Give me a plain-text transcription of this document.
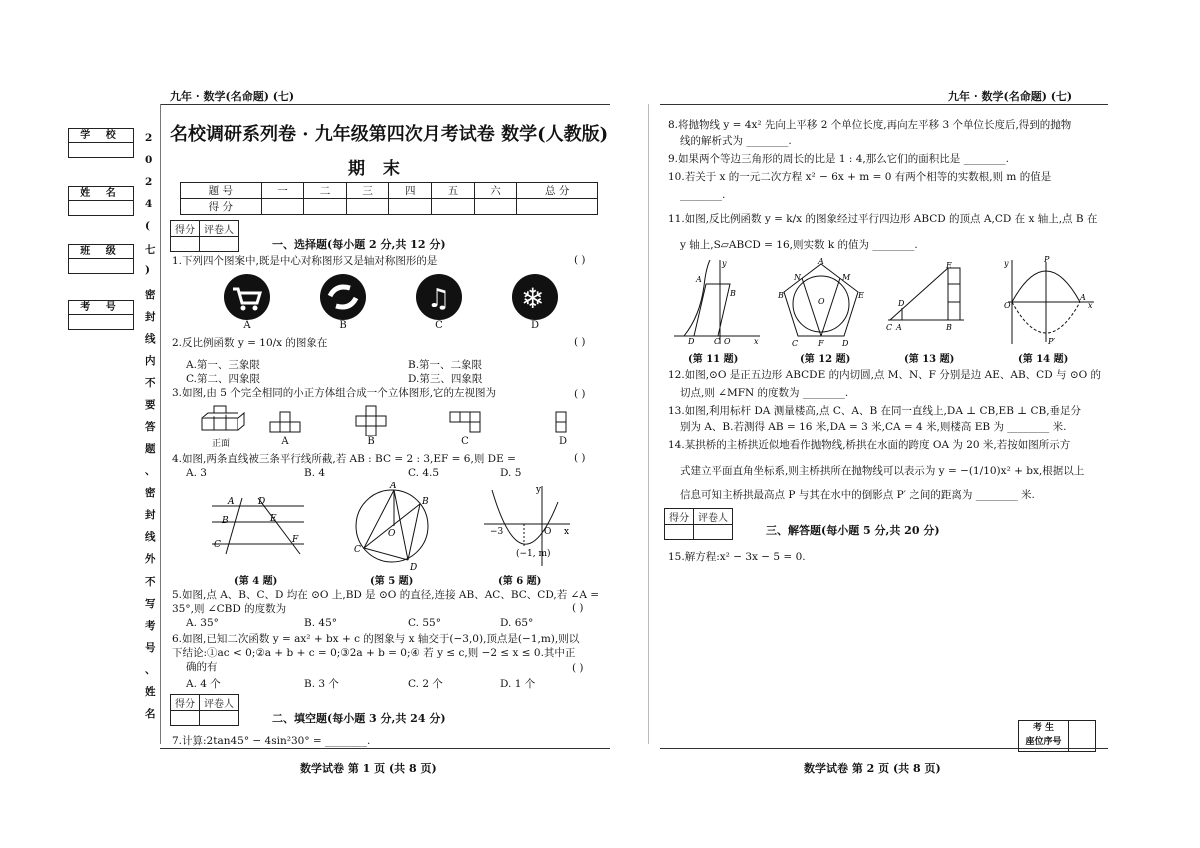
九年 · 数学(名命题) (七)
名校调研系列卷 · 九年级第四次月考试卷 数学(人教版)
期 末
题 号	一	二	三	四	五	六	总 分
得 分							
得分	评卷人

一、选择题(每小题 2 分,共 12 分)
1.下列四个图案中,既是中心对称图形又是轴对称图形的是	( )
♫	❄
A	B	C	D
2.反比例函数 y = 10/x 的图象在	( )
A.第一、三象限	B.第一、二象限
C.第二、四象限	D.第三、四象限
3.如图,由 5 个完全相同的小正方体组合成一个立体图形,它的左视图为	( )
正面	A	B	C	D
4.如图,两条直线被三条平行线所截,若 AB : BC = 2 : 3,EF = 6,则 DE =	( )
A. 3	B. 4	C. 4.5	D. 5
A	D
B	E
C	F
A
B
C
D
O	−3	O
y
x
(−1, m)
(第 4 题)	(第 5 题)	(第 6 题)
5.如图,点 A、B、C、D 均在 ⊙O 上,BD 是 ⊙O 的直径,连接 AB、AC、BC、CD,若 ∠A =
35°,则 ∠CBD 的度数为	( )
A. 35°	B. 45°	C. 55°	D. 65°
6.如图,已知二次函数 y = ax² + bx + c 的图象与 x 轴交于(−3,0),顶点是(−1,m),则以
下结论:①ac < 0;②a + b + c = 0;③2a + b = 0;④ 若 y ≤ c,则 −2 ≤ x ≤ 0.其中正
确的有	( )
A. 4 个	B. 3 个	C. 2 个	D. 1 个
得分	评卷人

二、填空题(每小题 3 分,共 24 分)
7.计算:2tan45° − 4sin²30° = ________.
数学试卷 第 1 页 (共 8 页)
学 校
姓 名
班 级
考 号
2
0
2
4
(
七
)
密
封
线
内
不
要
答
题
、
密
封
线
外
不
写
考
号
、
姓
名
九年 · 数学(名命题) (七)
8.将抛物线 y = 4x² 先向上平移 2 个单位长度,再向左平移 3 个单位长度后,得到的抛物
线的解析式为 ________.
9.如果两个等边三角形的周长的比是 1 : 4,那么它们的面积比是 ________.
10.若关于 x 的一元二次方程 x² − 6x + m = 0 有两个相等的实数根,则 m 的值是
________.
11.如图,反比例函数 y = k/x 的图象经过平行四边形 ABCD 的顶点 A,CD 在 x 轴上,点 B 在
y 轴上,S▱ABCD = 16,则实数 k 的值为 ________.
y
A
B
D C O	x
A
N	M
E
B
O
C F D
C A	B
D
E	y	P
O
A
x
P′
(第 11 题)	(第 12 题)	(第 13 题)	(第 14 题)
12.如图,⊙O 是正五边形 ABCDE 的内切圆,点 M、N、F 分别是边 AE、AB、CD 与 ⊙O 的
切点,则 ∠MFN 的度数为 ________.
13.如图,利用标杆 DA 测量楼高,点 C、A、B 在同一直线上,DA ⊥ CB,EB ⊥ CB,垂足分
别为 A、B.若测得 AB = 16 米,DA = 3 米,CA = 4 米,则楼高 EB 为 ________ 米.
14.某拱桥的主桥拱近似地看作抛物线,桥拱在水面的跨度 OA 为 20 米,若按如图所示方
式建立平面直角坐标系,则主桥拱所在抛物线可以表示为 y = −(1/10)x² + bx,根据以上
信息可知主桥拱最高点 P 与其在水中的倒影点 P′ 之间的距离为 ________ 米.
得分	评卷人

三、解答题(每小题 5 分,共 20 分)
15.解方程:x² − 3x − 5 = 0.
考 生
座位序号
数学试卷 第 2 页 (共 8 页)
